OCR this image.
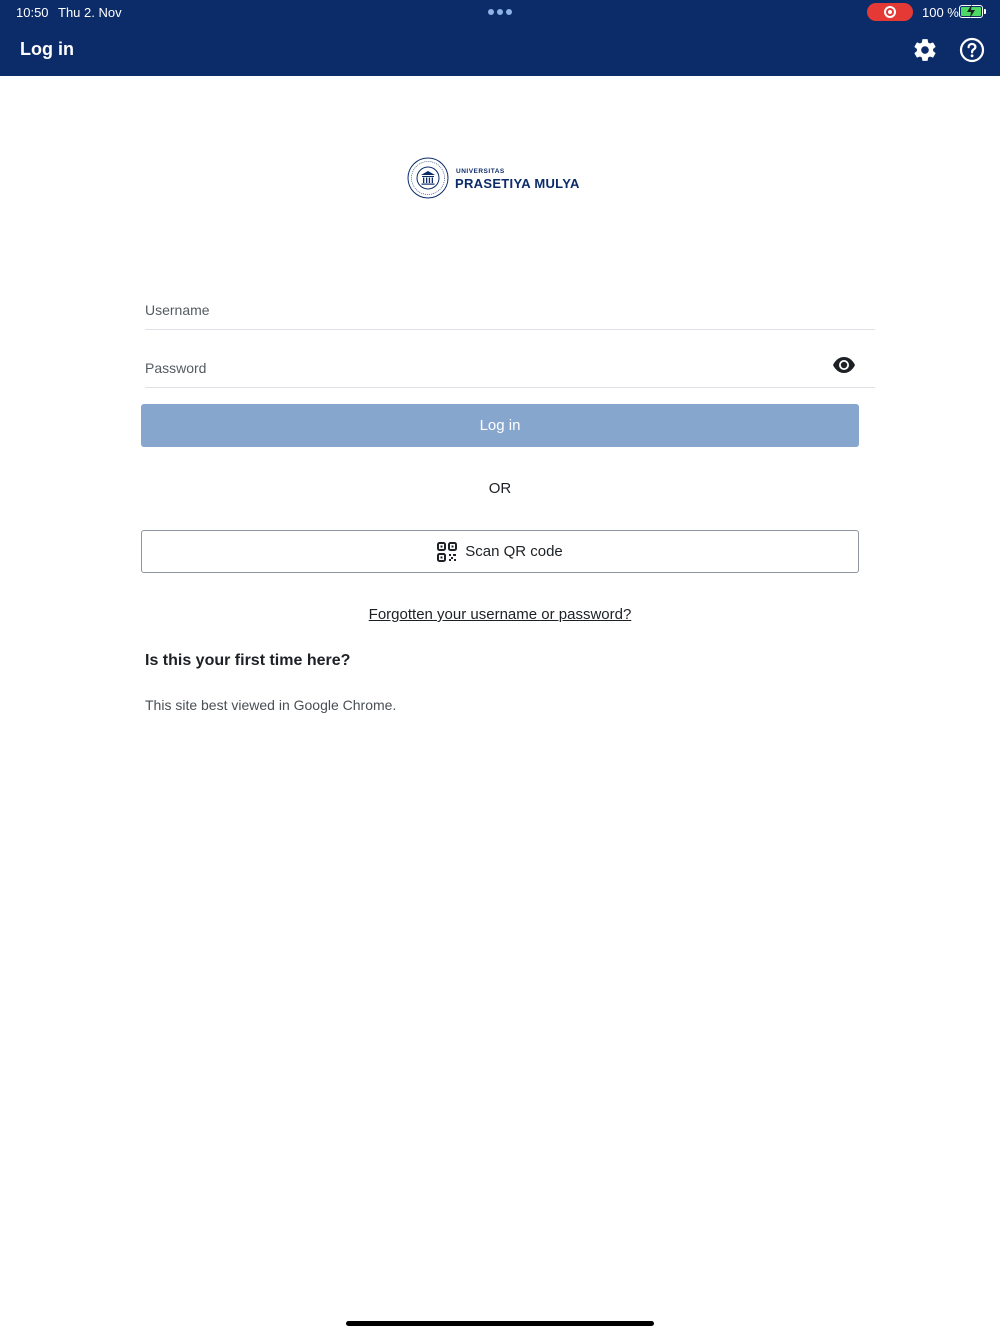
10:50 Thu 2. Nov	100 %
Log in
UNIVERSITAS
PRASETIYA MULYA
Username
Log in
OR
Scan QR code
Forgotten your username or password?
Is this your first time here?

This site best viewed in Google Chrome.
